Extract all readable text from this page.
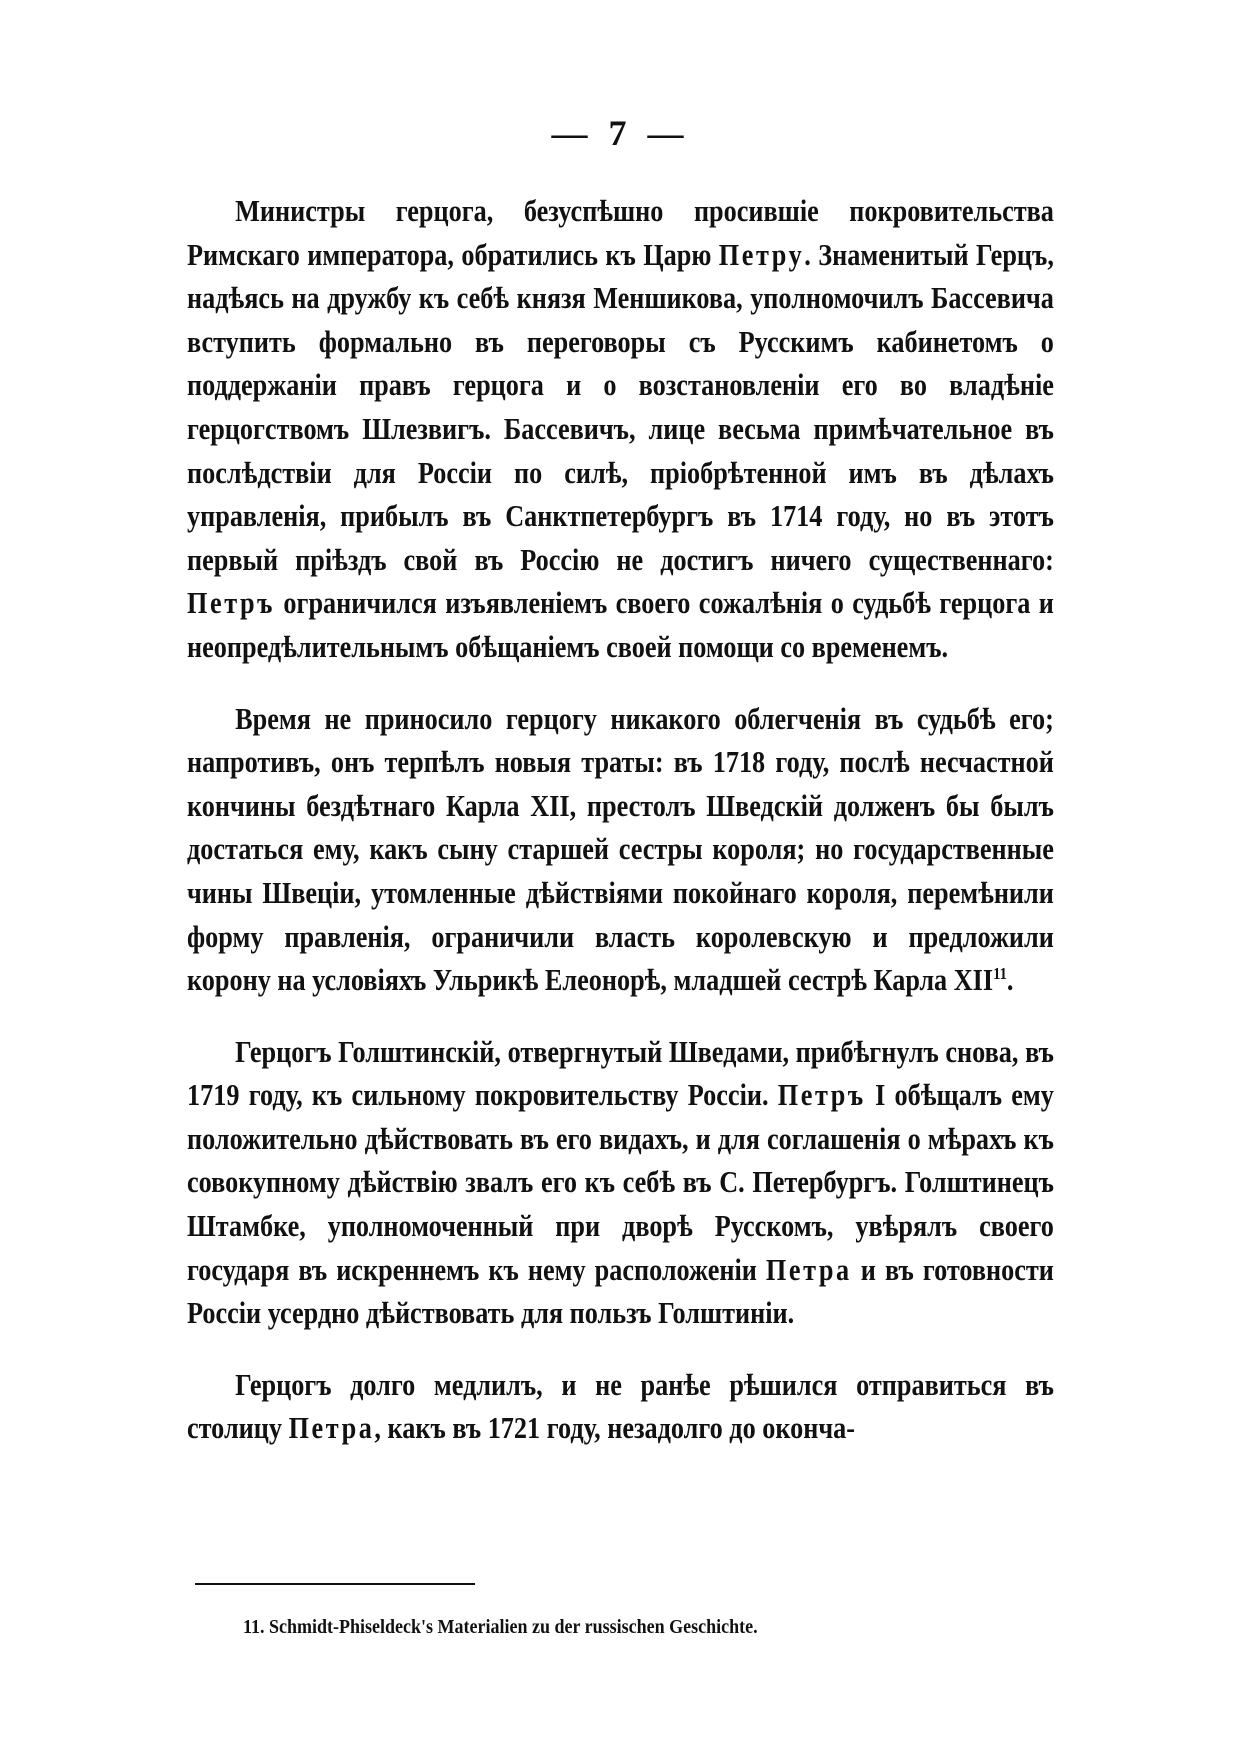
— 7 —

Министры герцога, безуспѣшно просившіе покровительства Римскаго императора, обратились къ Царю Петру. Знаменитый Герцъ, надѣясь на дружбу къ себѣ князя Меншикова, уполномочилъ Бассевича вступить формально въ переговоры съ Русскимъ кабинетомъ о поддержаніи правъ герцога и о возстановленіи его во владѣніе герцогствомъ Шлезвигъ. Бассевичъ, лице весьма примѣчательное въ послѣдствіи для Россіи по силѣ, пріобрѣтенной имъ въ дѣлахъ управленія, прибылъ въ Санктпетербургъ въ 1714 году, но въ этотъ первый пріѣздъ свой въ Россію не достигъ ничего существеннаго: Петръ ограничился изъявленіемъ своего сожалѣнія о судьбѣ герцога и неопредѣлительнымъ обѣщаніемъ своей помощи со временемъ.

Время не приносило герцогу никакого облегченія въ судьбѣ его; напротивъ, онъ терпѣлъ новыя траты: въ 1718 году, послѣ несчастной кончины бездѣтнаго Карла XII, престолъ Шведскій долженъ бы былъ достаться ему, какъ сыну старшей сестры короля; но государственные чины Швеціи, утомленные дѣйствіями покойнаго короля, перемѣнили форму правленія, ограничили власть королевскую и предложили корону на условіяхъ Ульрикѣ Елеонорѣ, младшей сестрѣ Карла XII$^{11}$.

Герцогъ Голштинскій, отвергнутый Шведами, прибѣгнулъ снова, въ 1719 году, къ сильному покровительству Россіи. Петръ I обѣщалъ ему положительно дѣйствовать въ его видахъ, и для соглашенія о мѣрахъ къ совокупному дѣйствію звалъ его къ себѣ въ С. Петербургъ. Голштинецъ Штамбке, уполномоченный при дворѣ Русскомъ, увѣрялъ своего государя въ искреннемъ къ нему расположеніи Петра и въ готовности Россіи усердно дѣйствовать для пользъ Голштиніи.

Герцогъ долго медлилъ, и не ранѣе рѣшился отправиться въ столицу Петра, какъ въ 1721 году, незадолго до оконча-

11. Schmidt-Phiseldeck's Materialien zu der russischen Geschichte.
